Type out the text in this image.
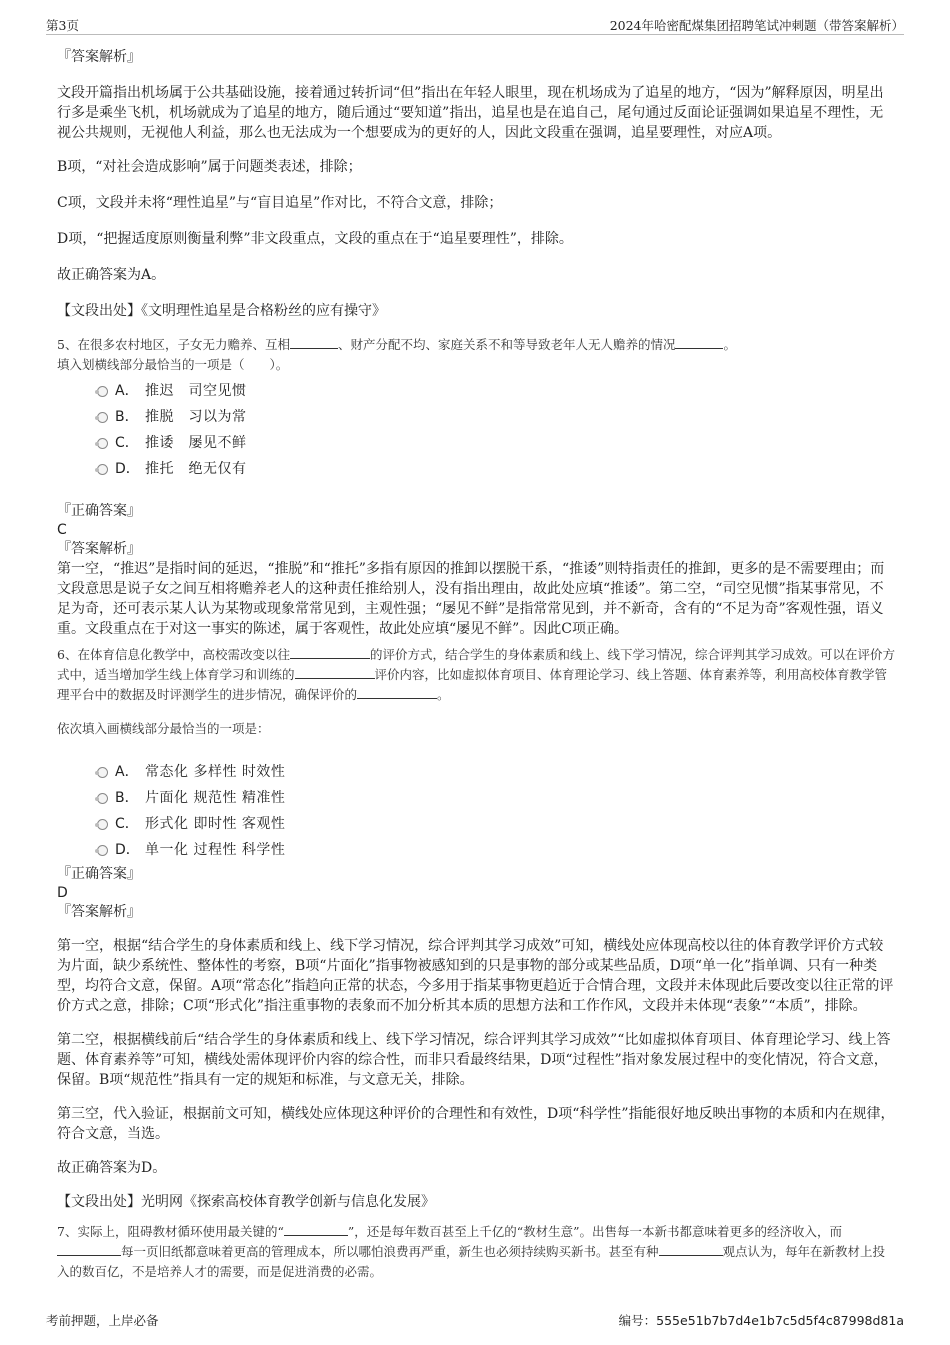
第3页	2024年哈密配煤集团招聘笔试冲刺题（带答案解析）

『答案解析』

文段开篇指出机场属于公共基础设施，接着通过转折词“但”指出在年轻人眼里，现在机场成为了追星的地方，“因为”解释原因，明星出行多是乘坐飞机，机场就成为了追星的地方，随后通过“要知道”指出，追星也是在追自己，尾句通过反面论证强调如果追星不理性，无视公共规则，无视他人利益，那么也无法成为一个想要成为的更好的人，因此文段重在强调，追星要理性，对应A项。

B项，“对社会造成影响”属于问题类表述，排除；

C项，文段并未将“理性追星”与“盲目追星”作对比，不符合文意，排除；

D项，“把握适度原则衡量利弊”非文段重点，文段的重点在于“追星要理性”，排除。

故正确答案为A。

【文段出处】《文明理性追星是合格粉丝的应有操守》

5、在很多农村地区，子女无力赡养、互相	、财产分配不均、家庭关系不和等导致老年人无人赡养的情况	。

填入划横线部分最恰当的一项是（　　）。

A． 推迟　司空见惯
B． 推脱　习以为常
C． 推诿　屡见不鲜
D． 推托　绝无仅有

『正确答案』

C

『答案解析』

第一空，“推迟”是指时间的延迟，“推脱”和“推托”多指有原因的推卸以摆脱干系，“推诿”则特指责任的推卸，更多的是不需要理由；而文段意思是说子女之间互相将赡养老人的这种责任推给别人，没有指出理由，故此处应填“推诿”。第二空，“司空见惯”指某事常见，不足为奇，还可表示某人认为某物或现象常常见到，主观性强；“屡见不鲜”是指常常见到，并不新奇，含有的“不足为奇”客观性强，语义重。文段重点在于对这一事实的陈述，属于客观性，故此处应填“屡见不鲜”。因此C项正确。

6、在体育信息化教学中，高校需改变以往	的评价方式，结合学生的身体素质和线上、线下学习情况，综合评判其学习成效。可以在评价方式中，适当增加学生线上体育学习和训练的	评价内容，比如虚拟体育项目、体育理论学习、线上答题、体育素养等，利用高校体育教学管理平台中的数据及时评测学生的进步情况，确保评价的	。

依次填入画横线部分最恰当的一项是：

A． 常态化 多样性 时效性
B． 片面化 规范性 精准性
C． 形式化 即时性 客观性
D． 单一化 过程性 科学性

『正确答案』

D

『答案解析』

第一空，根据“结合学生的身体素质和线上、线下学习情况，综合评判其学习成效”可知，横线处应体现高校以往的体育教学评价方式较为片面，缺少系统性、整体性的考察，B项“片面化”指事物被感知到的只是事物的部分或某些品质，D项“单一化”指单调、只有一种类型，均符合文意，保留。A项“常态化”指趋向正常的状态，今多用于指某事物更趋近于合情合理，文段并未体现此后要改变以往正常的评价方式之意，排除；C项“形式化”指注重事物的表象而不加分析其本质的思想方法和工作作风，文段并未体现“表象”“本质”，排除。

第二空，根据横线前后“结合学生的身体素质和线上、线下学习情况，综合评判其学习成效”“比如虚拟体育项目、体育理论学习、线上答题、体育素养等”可知，横线处需体现评价内容的综合性，而非只看最终结果，D项“过程性”指对象发展过程中的变化情况，符合文意，保留。B项“规范性”指具有一定的规矩和标准，与文意无关，排除。

第三空，代入验证，根据前文可知，横线处应体现这种评价的合理性和有效性，D项“科学性”指能很好地反映出事物的本质和内在规律，符合文意，当选。

故正确答案为D。

【文段出处】光明网《探索高校体育教学创新与信息化发展》

7、实际上，阻碍教材循环使用最关键的“	”，还是每年数百甚至上千亿的“教材生意”。出售每一本新书都意味着更多的经济收入，而每一页旧纸都意味着更高的管理成本，所以哪怕浪费再严重，新生也必须持续购买新书。甚至有种	观点认为，每年在新教材上投入的数百亿，不是培养人才的需要，而是促进消费的必需。

考前押题，上岸必备	编号：555e51b7b7d4e1b7c5d5f4c87998d81a
